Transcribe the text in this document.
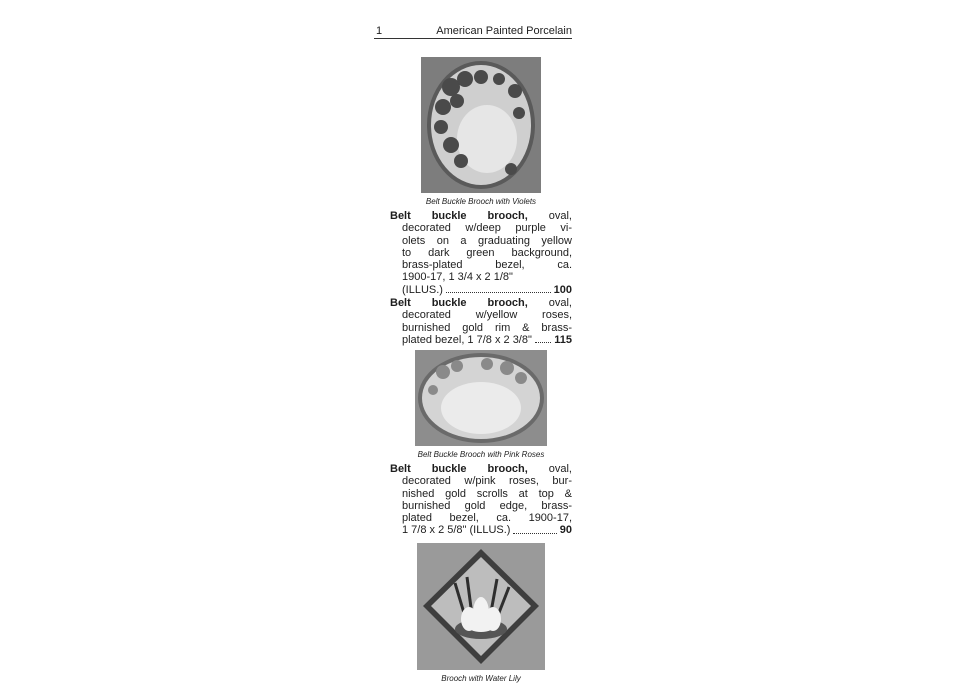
1	American Painted Porcelain
Belt Buckle Brooch with Violets
Belt buckle brooch, oval,
decorated w/deep purple vi-
olets on a graduating yellow
to dark green background,
brass-plated bezel, ca.
1900-17, 1 3/4 x 2 1/8"
(ILLUS.)	100
Belt buckle brooch, oval,
decorated w/yellow roses,
burnished gold rim & brass-
plated bezel, 1 7/8 x 2 3/8" 115
Belt Buckle Brooch with Pink Roses
Belt buckle brooch, oval,
decorated w/pink roses, bur-
nished gold scrolls at top &
burnished gold edge, brass-
plated bezel, ca. 1900-17,
1 7/8 x 2 5/8" (ILLUS.)	90
Brooch with Water Lily
